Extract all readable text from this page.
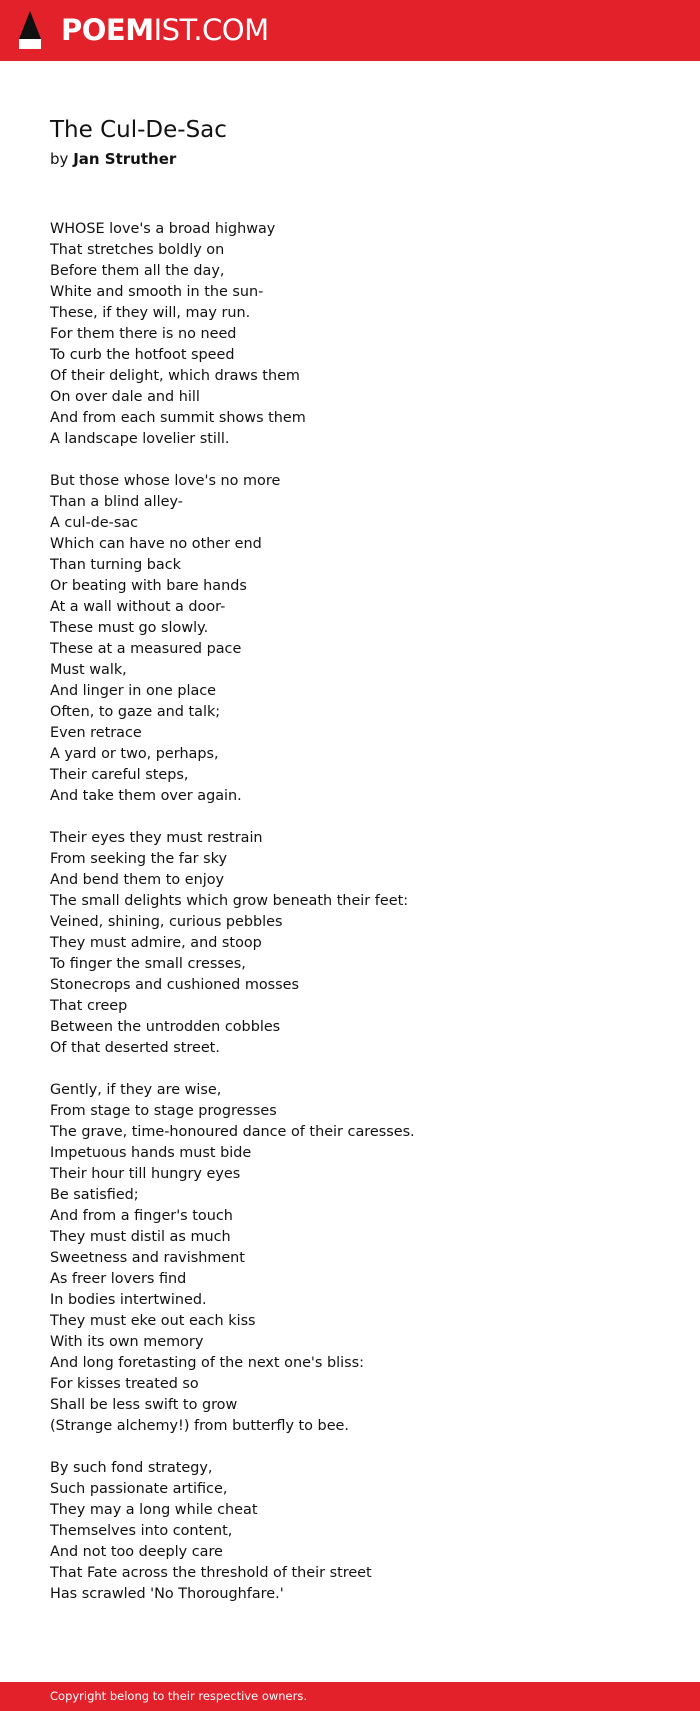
POEMIST.COM
The Cul-De-Sac
by Jan Struther
WHOSE love's a broad highway
That stretches boldly on
Before them all the day,
White and smooth in the sun-
These, if they will, may run.
For them there is no need
To curb the hotfoot speed
Of their delight, which draws them
On over dale and hill
And from each summit shows them
A landscape lovelier still.
But those whose love's no more
Than a blind alley-
A cul-de-sac
Which can have no other end
Than turning back
Or beating with bare hands
At a wall without a door-
These must go slowly.
These at a measured pace
Must walk,
And linger in one place
Often, to gaze and talk;
Even retrace
A yard or two, perhaps,
Their careful steps,
And take them over again.
Their eyes they must restrain
From seeking the far sky
And bend them to enjoy
The small delights which grow beneath their feet:
Veined, shining, curious pebbles
They must admire, and stoop
To finger the small cresses,
Stonecrops and cushioned mosses
That creep
Between the untrodden cobbles
Of that deserted street.
Gently, if they are wise,
From stage to stage progresses
The grave, time-honoured dance of their caresses.
Impetuous hands must bide
Their hour till hungry eyes
Be satisfied;
And from a finger's touch
They must distil as much
Sweetness and ravishment
As freer lovers find
In bodies intertwined.
They must eke out each kiss
With its own memory
And long foretasting of the next one's bliss:
For kisses treated so
Shall be less swift to grow
(Strange alchemy!) from butterfly to bee.
By such fond strategy,
Such passionate artifice,
They may a long while cheat
Themselves into content,
And not too deeply care
That Fate across the threshold of their street
Has scrawled 'No Thoroughfare.'
Copyright belong to their respective owners.
